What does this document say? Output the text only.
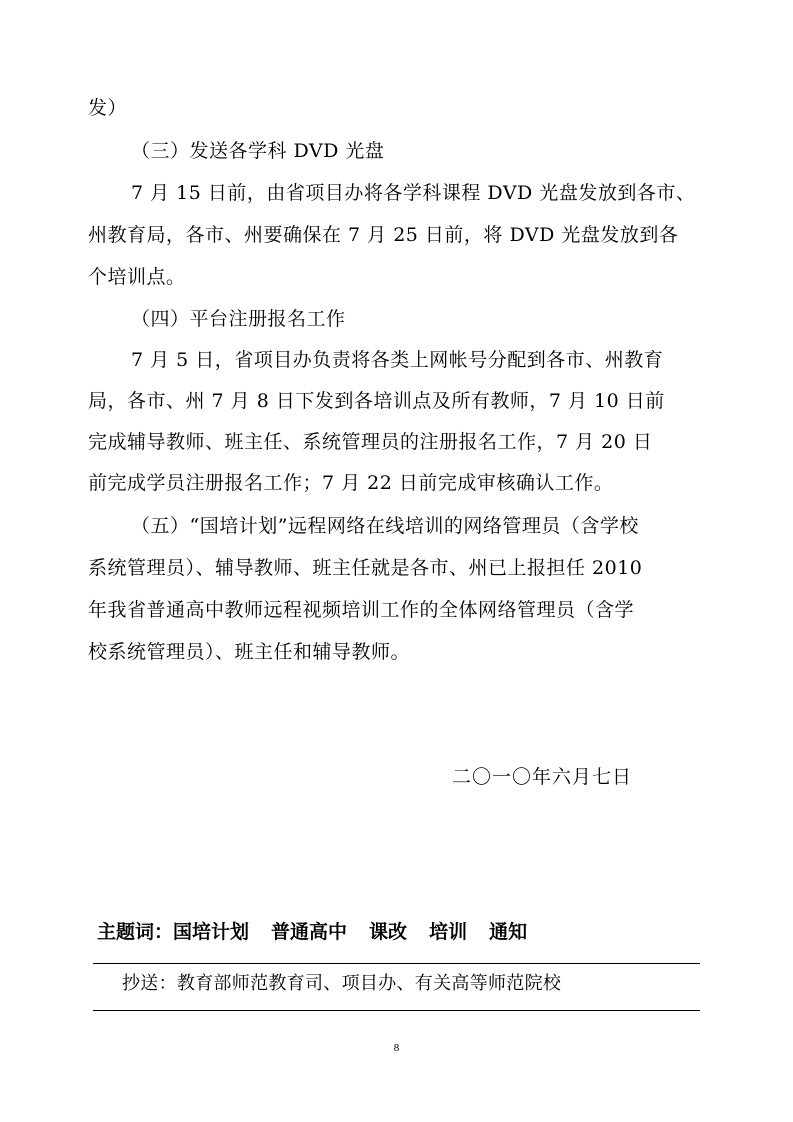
发）
（三）发送各学科 DVD 光盘
7 月 15 日前，由省项目办将各学科课程 DVD 光盘发放到各市、
州教育局，各市、州要确保在 7 月 25 日前，将 DVD 光盘发放到各
个培训点。
（四）平台注册报名工作
7 月 5 日，省项目办负责将各类上网帐号分配到各市、州教育
局，各市、州 7 月 8 日下发到各培训点及所有教师，7 月 10 日前
完成辅导教师、班主任、系统管理员的注册报名工作，7 月 20 日
前完成学员注册报名工作；7 月 22 日前完成审核确认工作。
（五）“国培计划”远程网络在线培训的网络管理员（含学校
系统管理员）、辅导教师、班主任就是各市、州已上报担任 2010
年我省普通高中教师远程视频培训工作的全体网络管理员（含学
校系统管理员）、班主任和辅导教师。
二〇一〇年六月七日
主题词：国培计划 普通高中 课改 培训 通知
抄送：教育部师范教育司、项目办、有关高等师范院校
8
